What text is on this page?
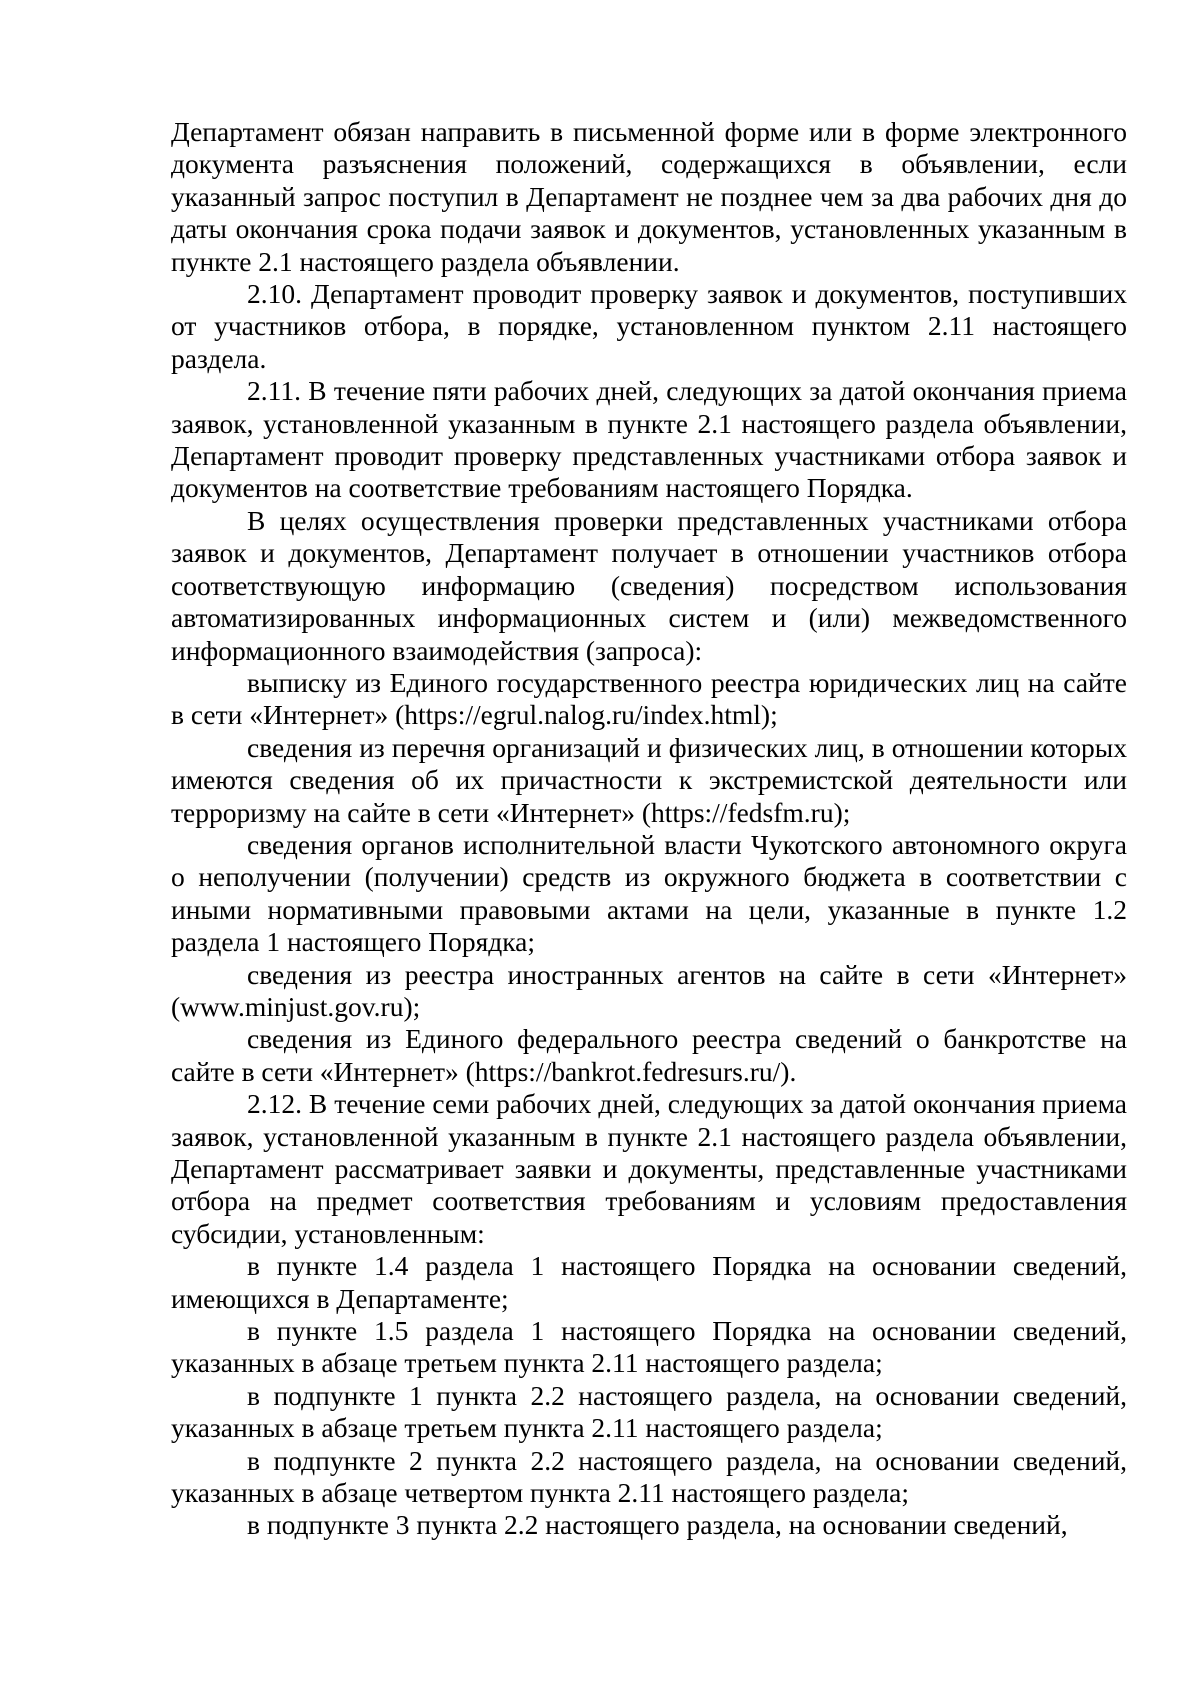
Департамент обязан направить в письменной форме или в форме электронного документа разъяснения положений, содержащихся в объявлении, если указанный запрос поступил в Департамент не позднее чем за два рабочих дня до даты окончания срока подачи заявок и документов, установленных указанным в пункте 2.1 настоящего раздела объявлении.

2.10. Департамент проводит проверку заявок и документов, поступивших от участников отбора, в порядке, установленном пунктом 2.11 настоящего раздела.

2.11. В течение пяти рабочих дней, следующих за датой окончания приема заявок, установленной указанным в пункте 2.1 настоящего раздела объявлении, Департамент проводит проверку представленных участниками отбора заявок и документов на соответствие требованиям настоящего Порядка.

В целях осуществления проверки представленных участниками отбора заявок и документов, Департамент получает в отношении участников отбора соответствующую информацию (сведения) посредством использования автоматизированных информационных систем и (или) межведомственного информационного взаимодействия (запроса):

выписку из Единого государственного реестра юридических лиц на сайте в сети «Интернет» (https://egrul.nalog.ru/index.html);

сведения из перечня организаций и физических лиц, в отношении которых имеются сведения об их причастности к экстремистской деятельности или терроризму на сайте в сети «Интернет» (https://fedsfm.ru);

сведения органов исполнительной власти Чукотского автономного округа о неполучении (получении) средств из окружного бюджета в соответствии с иными нормативными правовыми актами на цели, указанные в пункте 1.2 раздела 1 настоящего Порядка;

сведения из реестра иностранных агентов на сайте в сети «Интернет» (www.minjust.gov.ru);

сведения из Единого федерального реестра сведений о банкротстве на сайте в сети «Интернет» (https://bankrot.fedresurs.ru/).

2.12. В течение семи рабочих дней, следующих за датой окончания приема заявок, установленной указанным в пункте 2.1 настоящего раздела объявлении, Департамент рассматривает заявки и документы, представленные участниками отбора на предмет соответствия требованиям и условиям предоставления субсидии, установленным:

в пункте 1.4 раздела 1 настоящего Порядка на основании сведений, имеющихся в Департаменте;

в пункте 1.5 раздела 1 настоящего Порядка на основании сведений, указанных в абзаце третьем пункта 2.11 настоящего раздела;

в подпункте 1 пункта 2.2 настоящего раздела, на основании сведений, указанных в абзаце третьем пункта 2.11 настоящего раздела;

в подпункте 2 пункта 2.2 настоящего раздела, на основании сведений, указанных в абзаце четвертом пункта 2.11 настоящего раздела;

в подпункте 3 пункта 2.2 настоящего раздела, на основании сведений,
